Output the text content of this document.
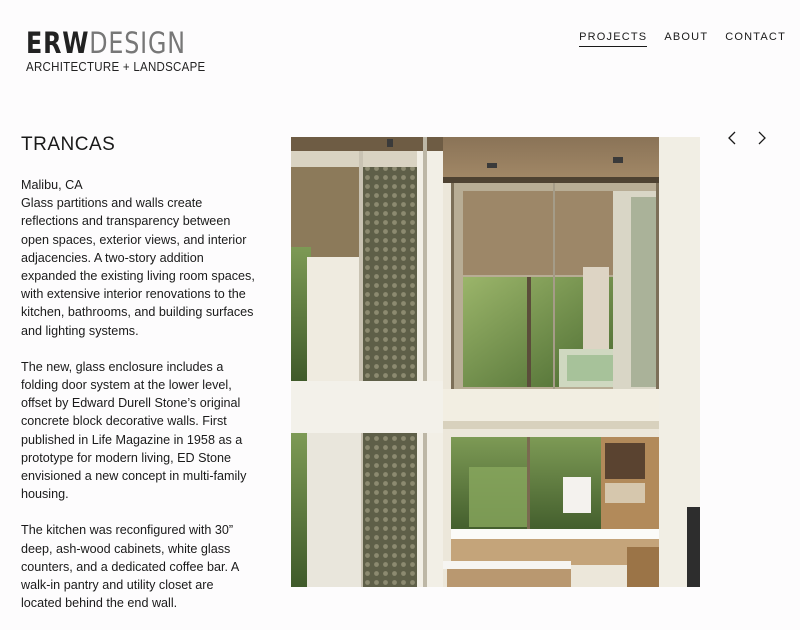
ERW DESIGN
ARCHITECTURE + LANDSCAPE
PROJECTS ABOUT CONTACT
TRANCAS
Malibu, CA

Glass partitions and walls create reflections and transparency between open spaces, exterior views, and interior adjacencies. A two-story addition expanded the existing living room spaces, with extensive interior renovations to the kitchen, bathrooms, and building surfaces and lighting systems.

The new, glass enclosure includes a folding door system at the lower level, offset by Edward Durell Stone’s original concrete block decorative walls. First published in Life Magazine in 1958 as a prototype for modern living, ED Stone envisioned a new concept in multi-family housing.

The kitchen was reconfigured with 30” deep, ash-wood cabinets, white glass counters, and a dedicated coffee bar. A walk-in pantry and utility closet are located behind the end wall.
